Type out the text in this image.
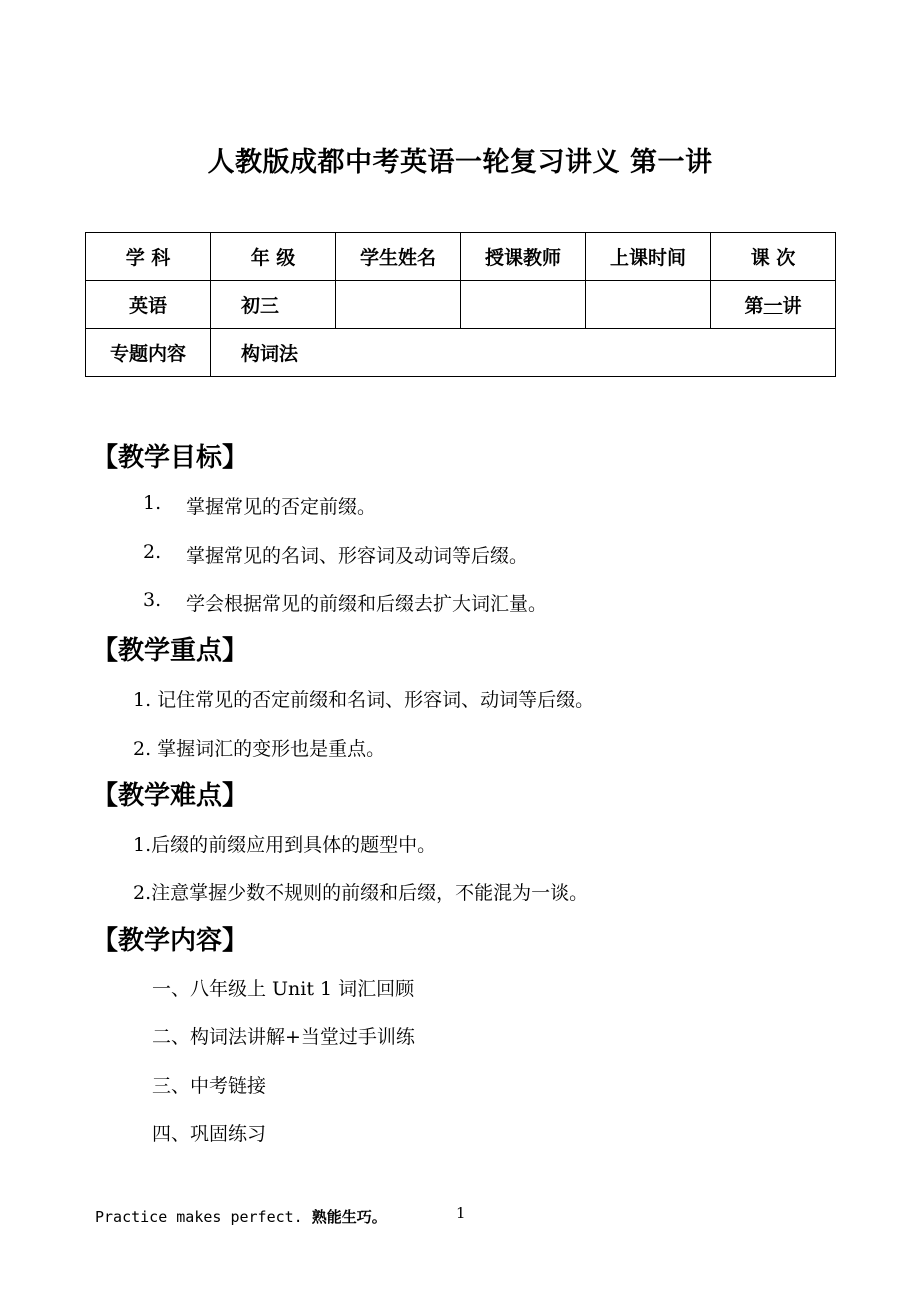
人教版成都中考英语一轮复习讲义 第一讲
学 科	年 级	学生姓名	授课教师	上课时间	课 次
英语	初三				第一讲
专题内容	构词法				
【教学目标】
1. 掌握常见的否定前缀。
2. 掌握常见的名词、形容词及动词等后缀。
3. 学会根据常见的前缀和后缀去扩大词汇量。
【教学重点】
1. 记住常见的否定前缀和名词、形容词、动词等后缀。
2. 掌握词汇的变形也是重点。
【教学难点】
1.后缀的前缀应用到具体的题型中。
2.注意掌握少数不规则的前缀和后缀，不能混为一谈。
【教学内容】
一、八年级上 Unit 1 词汇回顾
二、构词法讲解+当堂过手训练
三、中考链接
四、巩固练习
Practice makes perfect. 熟能生巧。	1
